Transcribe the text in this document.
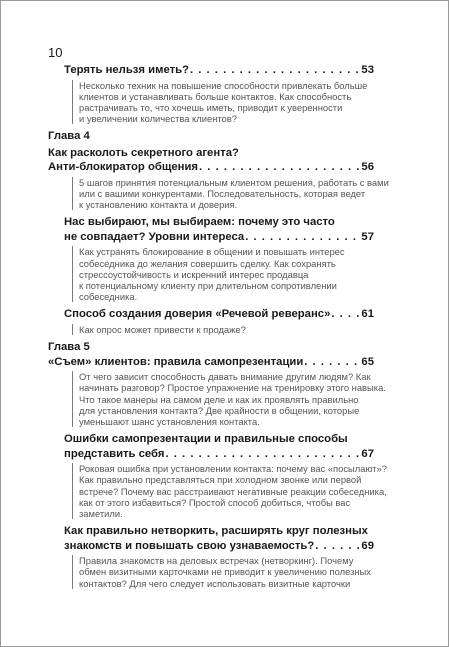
10
Терять нельзя иметь? . . .	53
Несколько техник на повышение способности привлекать больше
клиентов и устанавливать больше контактов. Как способность
растрачивать то, что хочешь иметь, приводит к уверенности
и увеличении количества клиентов?
Глава 4
Как расколоть секретного агента?
Анти-блокиратор общения . . .	56
5 шагов принятия потенциальным клиентом решения, работать с вами
или с вашими конкурентами. Последовательность, которая ведет
к установлению контакта и доверия.
Нас выбирают, мы выбираем: почему это часто
не совпадает? Уровни интереса . . .	57
Как устранять блокирование в общении и повышать интерес
собеседника до желания совершить сделку. Как сохранять
стрессоустойчивость и искренний интерес продавца
к потенциальному клиенту при длительном сопротивлении
собеседника.
Способ создания доверия «Речевой реверанс» . . .	61
Как опрос может привести к продаже?
Глава 5
«Съем» клиентов: правила самопрезентации . . .	65
От чего зависит способность давать внимание другим людям? Как
начинать разговор? Простое упражнение на тренировку этого навыка.
Что такое манеры на самом деле и как их проявлять правильно
для установления контакта? Две крайности в общении, которые
уменьшают шанс установления контакта.
Ошибки самопрезентации и правильные способы
представить себя . . .	67
Роковая ошибка при установлении контакта: почему вас «посылают»?
Как правильно представляться при холодном звонке или первой
встрече? Почему вас расстраивают негативные реакции собеседника,
как от этого избавиться? Простой способ добиться, чтобы вас
заметили.
Как правильно нетворкить, расширять круг полезных
знакомств и повышать свою узнаваемость? . . .	69
Правила знакомств на деловых встречах (нетворкинг). Почему
обмен визитными карточками не приводит к увеличению полезных
контактов? Для чего следует использовать визитные карточки
